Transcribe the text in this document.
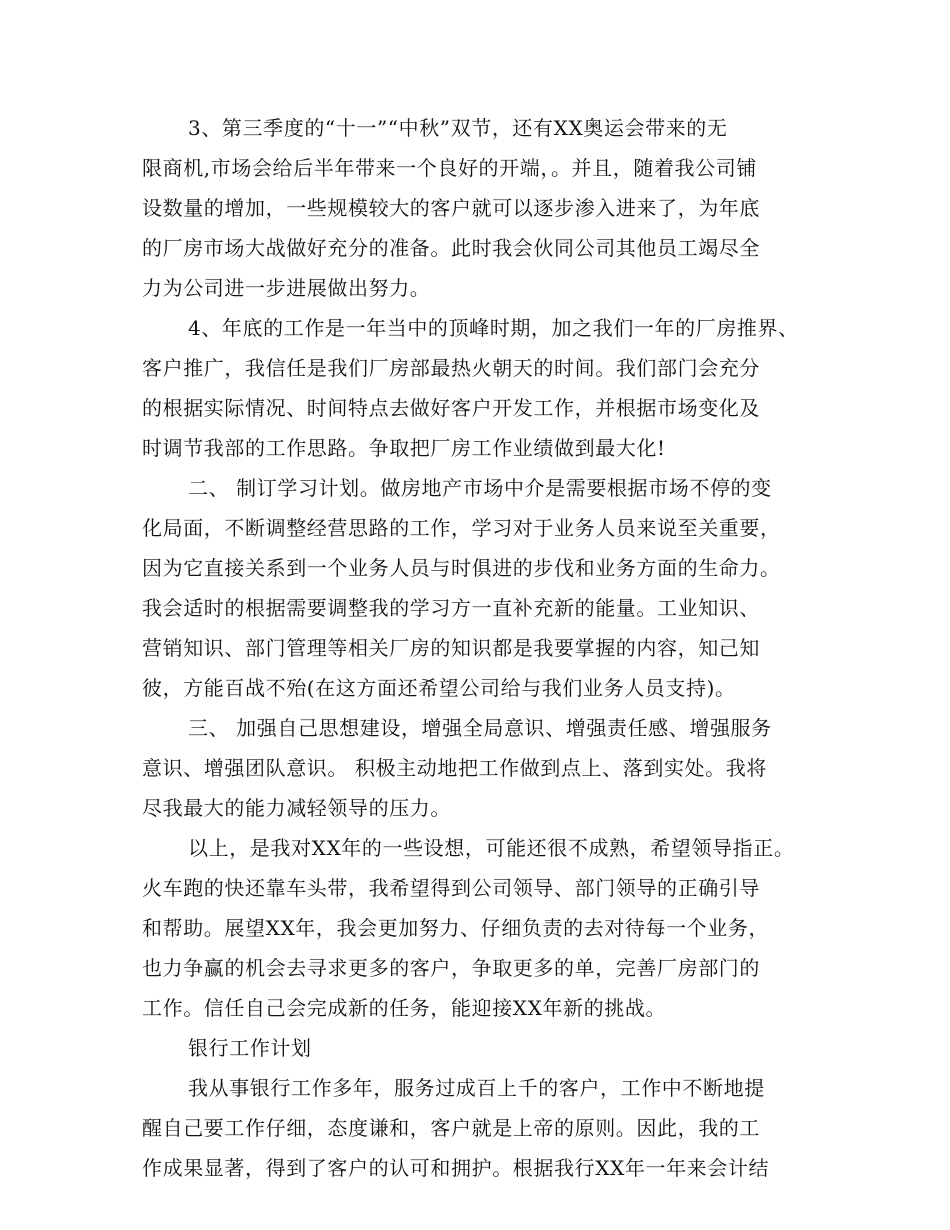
3、第三季度的“十一”“中秋”双节，还有XX奥运会带来的无
限商机,市场会给后半年带来一个良好的开端，。并且，随着我公司铺
设数量的增加，一些规模较大的客户就可以逐步渗入进来了，为年底
的厂房市场大战做好充分的准备。此时我会伙同公司其他员工竭尽全
力为公司进一步进展做出努力。
4、年底的工作是一年当中的顶峰时期，加之我们一年的厂房推界、
客户推广，我信任是我们厂房部最热火朝天的时间。我们部门会充分
的根据实际情况、时间特点去做好客户开发工作，并根据市场变化及
时调节我部的工作思路。争取把厂房工作业绩做到最大化!
二、 制订学习计划。做房地产市场中介是需要根据市场不停的变
化局面，不断调整经营思路的工作，学习对于业务人员来说至关重要，
因为它直接关系到一个业务人员与时俱进的步伐和业务方面的生命力。
我会适时的根据需要调整我的学习方一直补充新的能量。工业知识、
营销知识、部门管理等相关厂房的知识都是我要掌握的内容，知己知
彼，方能百战不殆(在这方面还希望公司给与我们业务人员支持)。
三、 加强自己思想建设，增强全局意识、增强责任感、增强服务
意识、增强团队意识。 积极主动地把工作做到点上、落到实处。我将
尽我最大的能力减轻领导的压力。
以上，是我对XX年的一些设想，可能还很不成熟，希望领导指正。
火车跑的快还靠车头带，我希望得到公司领导、部门领导的正确引导
和帮助。展望XX年，我会更加努力、仔细负责的去对待每一个业务，
也力争赢的机会去寻求更多的客户，争取更多的单，完善厂房部门的
工作。信任自己会完成新的任务，能迎接XX年新的挑战。
银行工作计划
我从事银行工作多年，服务过成百上千的客户，工作中不断地提
醒自己要工作仔细，态度谦和，客户就是上帝的原则。因此，我的工
作成果显著，得到了客户的认可和拥护。根据我行XX年一年来会计结
